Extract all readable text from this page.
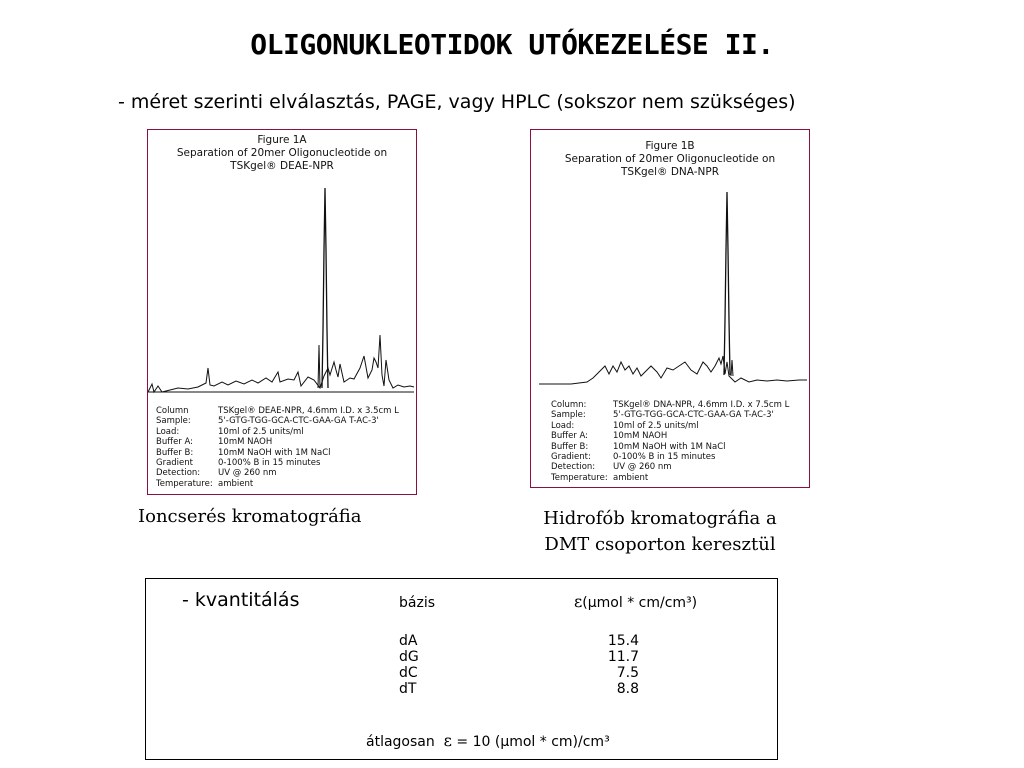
OLIGONUKLEOTIDOK UTÓKEZELÉSE II.
- méret szerinti elválasztás, PAGE, vagy HPLC (sokszor nem szükséges)
Figure 1A
Separation of 20mer Oligonucleotide on
TSKgel® DEAE-NPR
Column	TSKgel® DEAE-NPR, 4.6mm I.D. x 3.5cm L
Sample:	5'-GTG-TGG-GCA-CTC-GAA-GA T-AC-3'
Load:	10ml of 2.5 units/ml
Buffer A:	10mM NAOH
Buffer B:	10mM NaOH with 1M NaCl
Gradient	0-100% B in 15 minutes
Detection:	UV @ 260 nm
Temperature: ambient
Figure 1B
Separation of 20mer Oligonucleotide on
TSKgel® DNA-NPR
Column:	TSKgel® DNA-NPR, 4.6mm I.D. x 7.5cm L
Sample:	5'-GTG-TGG-GCA-CTC-GAA-GA T-AC-3'
Load:	10ml of 2.5 units/ml
Buffer A:	10mM NAOH
Buffer B:	10mM NaOH with 1M NaCl
Gradient:	0-100% B in 15 minutes
Detection:	UV @ 260 nm
Temperature: ambient
Ioncserés kromatográfia	Hidrofób kromatográfia a
DMT csoporton keresztül
- kvantitálás	bázis	ε(μmol * cm/cm³)
dA	15.4
dG	11.7
dC	7.5
dT	8.8
átlagosan ε = 10 (μmol * cm)/cm³
